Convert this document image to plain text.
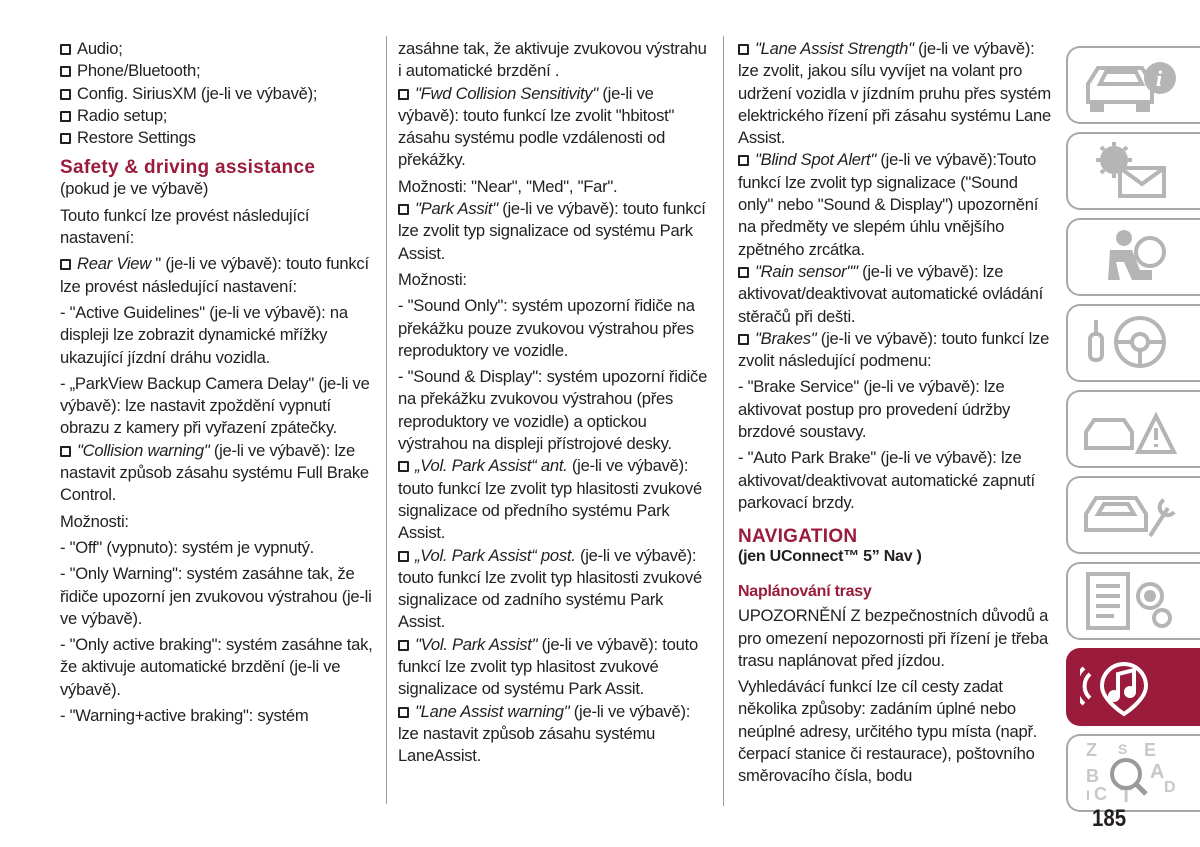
Audio;
Phone/Bluetooth;
Config. SiriusXM (je-li ve výbavě);
Radio setup;
Restore Settings
Safety & driving assistance
(pokud je ve výbavě)
Touto funkcí lze provést následující nastavení:
Rear View " (je-li ve výbavě): touto funkcí lze provést následující nastavení:
- "Active Guidelines" (je-li ve výbavě): na displeji lze zobrazit dynamické mřížky ukazující jízdní dráhu vozidla.
- „ParkView Backup Camera Delay" (je-li ve výbavě): lze nastavit zpoždění vypnutí obrazu z kamery při vyřazení zpátečky.
"Collision warning" (je-li ve výbavě): lze nastavit způsob zásahu systému Full Brake Control.
Možnosti:
- "Off" (vypnuto): systém je vypnutý.
- "Only Warning": systém zasáhne tak, že řidiče upozorní jen zvukovou výstrahou (je-li ve výbavě).
- "Only active braking": systém zasáhne tak, že aktivuje automatické brzdění (je-li ve výbavě).
- "Warning+active braking": systém
zasáhne tak, že aktivuje zvukovou výstrahu i automatické brzdění .
"Fwd Collision Sensitivity" (je-li ve výbavě): touto funkcí lze zvolit "hbitost" zásahu systému podle vzdálenosti od překážky.
Možnosti: "Near", "Med", "Far".
"Park Assit" (je-li ve výbavě): touto funkcí lze zvolit typ signalizace od systému Park Assist.
Možnosti:
- "Sound Only": systém upozorní řidiče na překážku pouze zvukovou výstrahou přes reproduktory ve vozidle.
- "Sound & Display": systém upozorní řidiče na překážku zvukovou výstrahou (přes reproduktory ve vozidle) a optickou výstrahou na displeji přístrojové desky.
„Vol. Park Assist“ ant. (je-li ve výbavě): touto funkcí lze zvolit typ hlasitosti zvukové signalizace od předního systému Park Assist.
„Vol. Park Assist“ post. (je-li ve výbavě): touto funkcí lze zvolit typ hlasitosti zvukové signalizace od zadního systému Park Assist.
"Vol. Park Assist" (je-li ve výbavě): touto funkcí lze zvolit typ hlasitost zvukové signalizace od systému Park Assit.
"Lane Assist warning" (je-li ve výbavě): lze nastavit způsob zásahu systému LaneAssist.
"Lane Assist Strength" (je-li ve výbavě): lze zvolit, jakou sílu vyvíjet na volant pro udržení vozidla v jízdním pruhu přes systém elektrického řízení při zásahu systému Lane Assist.
"Blind Spot Alert" (je-li ve výbavě):Touto funkcí lze zvolit typ signalizace ("Sound only" nebo "Sound & Display") upozornění na předměty ve slepém úhlu vnějšího zpětného zrcátka.
"Rain sensor"" (je-li ve výbavě): lze aktivovat/deaktivovat automatické ovládání stěračů při dešti.
"Brakes" (je-li ve výbavě): touto funkcí lze zvolit následující podmenu:
- "Brake Service" (je-li ve výbavě): lze aktivovat postup pro provedení údržby brzdové soustavy.
- "Auto Park Brake" (je-li ve výbavě): lze aktivovat/deaktivovat automatické zapnutí parkovací brzdy.
NAVIGATION
(jen UConnect™ 5” Nav )
Naplánování trasy
UPOZORNĚNÍ Z bezpečnostních důvodů a pro omezení nepozornosti při řízení je třeba trasu naplánovat před jízdou.
Vyhledávácí funkcí lze cíl cesty zadat několika způsoby: zadáním úplné nebo neúplné adresy, určitého typu místa (např. čerpací stanice či restaurace), poštovního směrovacího čísla, bodu
i
Z S E
B	A
C	D
I T
185
